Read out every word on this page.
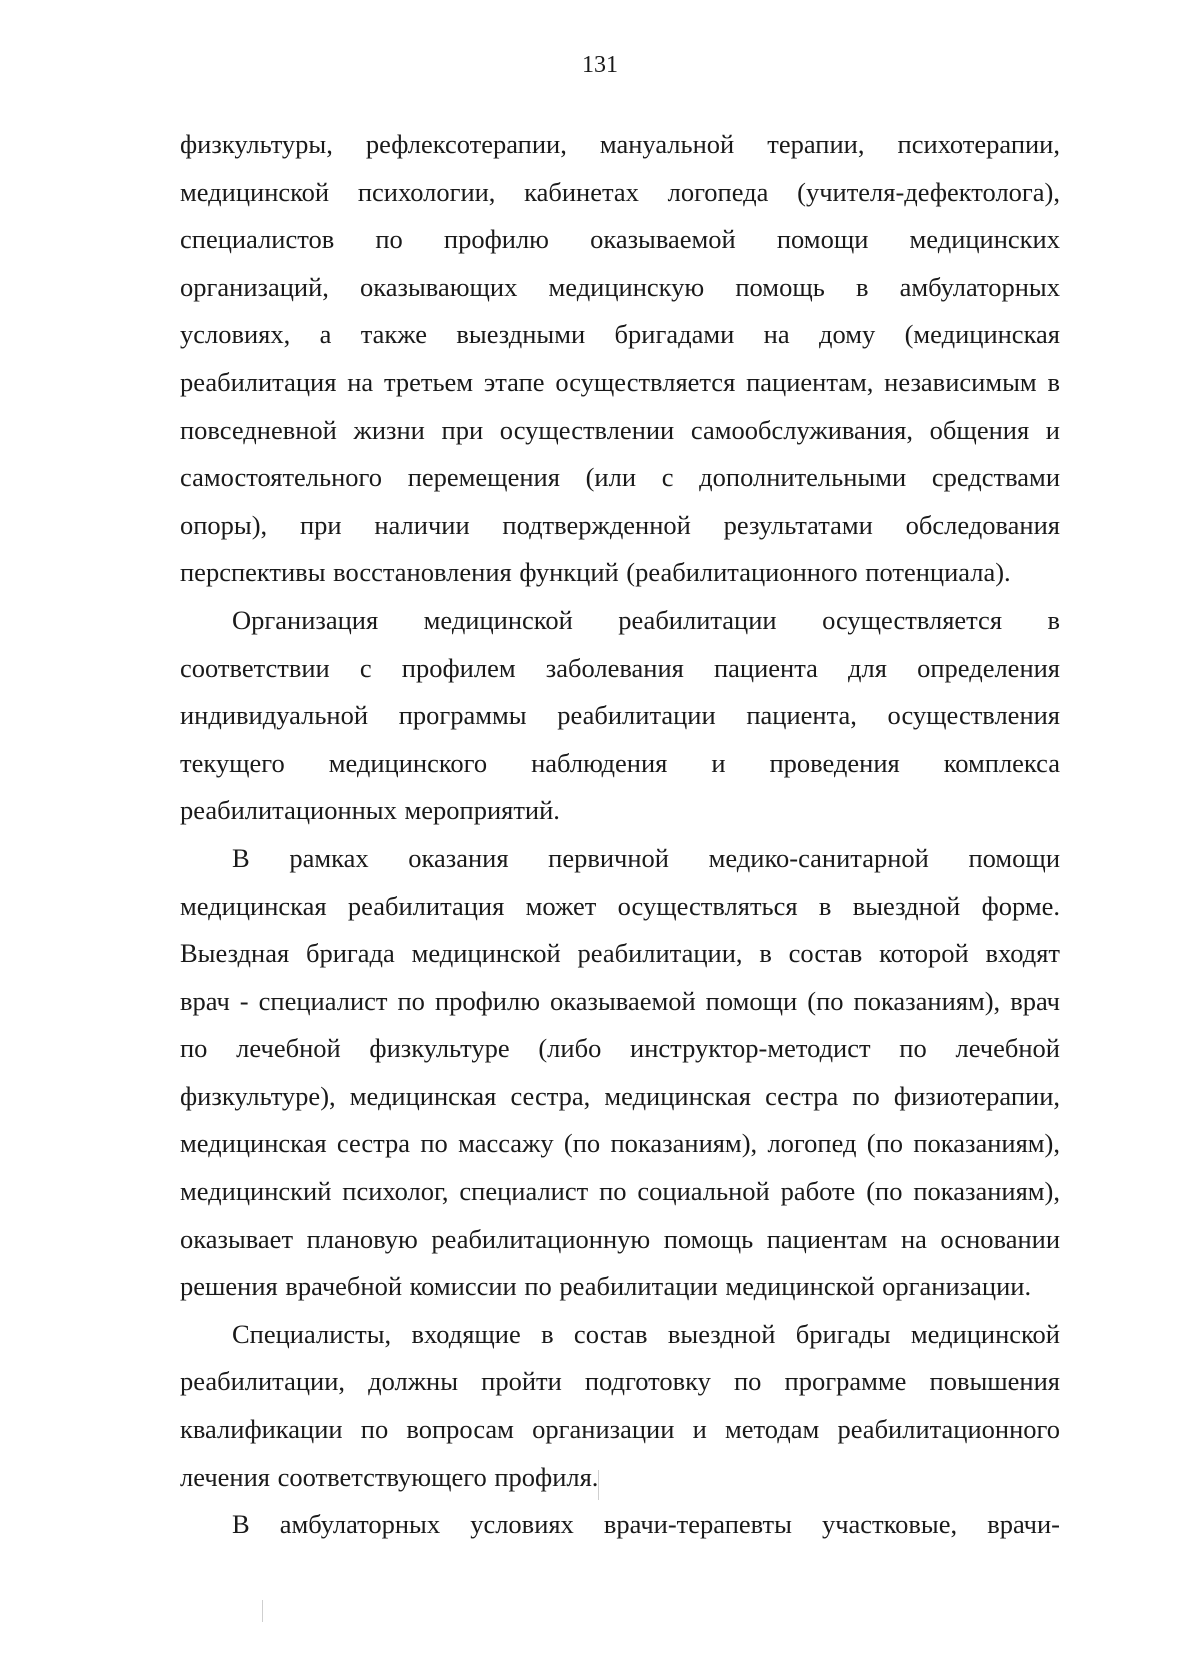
131

физкультуры, рефлексотерапии, мануальной терапии, психотерапии,
медицинской психологии, кабинетах логопеда (учителя-дефектолога),
специалистов по профилю оказываемой помощи медицинских
организаций, оказывающих медицинскую помощь в амбулаторных
условиях, а также выездными бригадами на дому (медицинская
реабилитация на третьем этапе осуществляется пациентам, независимым в
повседневной жизни при осуществлении самообслуживания, общения и
самостоятельного перемещения (или с дополнительными средствами
опоры), при наличии подтвержденной результатами обследования
перспективы восстановления функций (реабилитационного потенциала).

Организация медицинской реабилитации осуществляется в
соответствии с профилем заболевания пациента для определения
индивидуальной программы реабилитации пациента, осуществления
текущего медицинского наблюдения и проведения комплекса
реабилитационных мероприятий.

В рамках оказания первичной медико-санитарной помощи
медицинская реабилитация может осуществляться в выездной форме.
Выездная бригада медицинской реабилитации, в состав которой входят
врач - специалист по профилю оказываемой помощи (по показаниям), врач
по лечебной физкультуре (либо инструктор-методист по лечебной
физкультуре), медицинская сестра, медицинская сестра по физиотерапии,
медицинская сестра по массажу (по показаниям), логопед (по показаниям),
медицинский психолог, специалист по социальной работе (по показаниям),
оказывает плановую реабилитационную помощь пациентам на основании
решения врачебной комиссии по реабилитации медицинской организации.

Специалисты, входящие в состав выездной бригады медицинской
реабилитации, должны пройти подготовку по программе повышения
квалификации по вопросам организации и методам реабилитационного
лечения соответствующего профиля.

В амбулаторных условиях врачи-терапевты участковые, врачи-
